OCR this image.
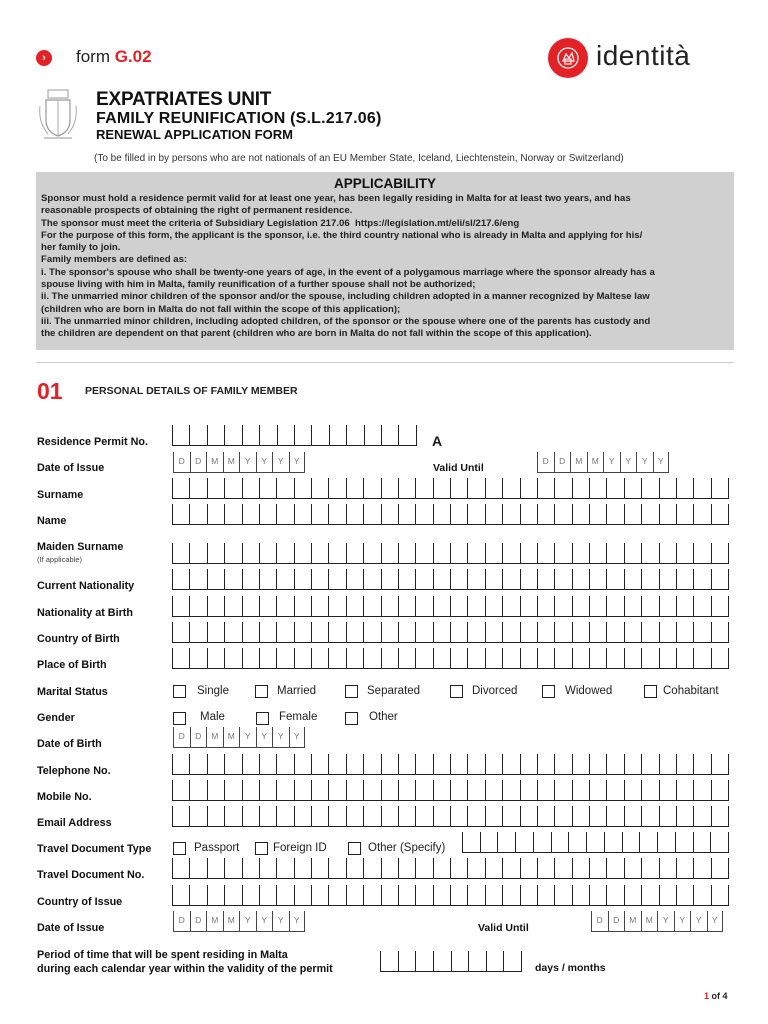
›	form G.02	identità
EXPATRIATES UNIT
FAMILY REUNIFICATION (S.L.217.06)
RENEWAL APPLICATION FORM
(To be filled in by persons who are not nationals of an EU Member State, Iceland, Liechtenstein, Norway or Switzerland)
APPLICABILITY
Sponsor must hold a residence permit valid for at least one year, has been legally residing in Malta for at least two years, and has
reasonable prospects of obtaining the right of permanent residence.
The sponsor must meet the criteria of Subsidiary Legislation 217.06  https://legislation.mt/eli/sl/217.6/eng
For the purpose of this form, the applicant is the sponsor, i.e. the third country national who is already in Malta and applying for his/
her family to join.
Family members are defined as:
i. The sponsor's spouse who shall be twenty-one years of age, in the event of a polygamous marriage where the sponsor already has a
spouse living with him in Malta, family reunification of a further spouse shall not be authorized;
ii. The unmarried minor children of the sponsor and/or the spouse, including children adopted in a manner recognized by Maltese law
(children who are born in Malta do not fall within the scope of this application);
iii. The unmarried minor children, including adopted children, of the sponsor or the spouse where one of the parents has custody and
the children are dependent on that parent (children who are born in Malta do not fall within the scope of this application).
01 PERSONAL DETAILS OF FAMILY MEMBER
Residence Permit No.	A
Date of Issue
D	D	M	M	Y	Y	Y	Y
Valid Until
D	D	M	M	Y	Y	Y	Y
Surname
Name
Maiden Surname
(If applicable)
Current Nationality
Nationality at Birth
Country of Birth
Place of Birth
Marital Status	Single	Married	Separated	Divorced	Widowed	Cohabitant
Gender	Male	Female	Other
Date of Birth
D	D	M	M	Y	Y	Y	Y
Telephone No.
Mobile No.
Email Address
Travel Document Type	Passport	Foreign ID	Other (Specify)
Travel Document No.
Country of Issue
Date of Issue
D	D	M	M	Y	Y	Y	Y
Valid Until
D	D	M	M	Y	Y	Y	Y
Period of time that will be spent residing in Malta
during each calendar year within the validity of the permit	days / months
1 of 4
